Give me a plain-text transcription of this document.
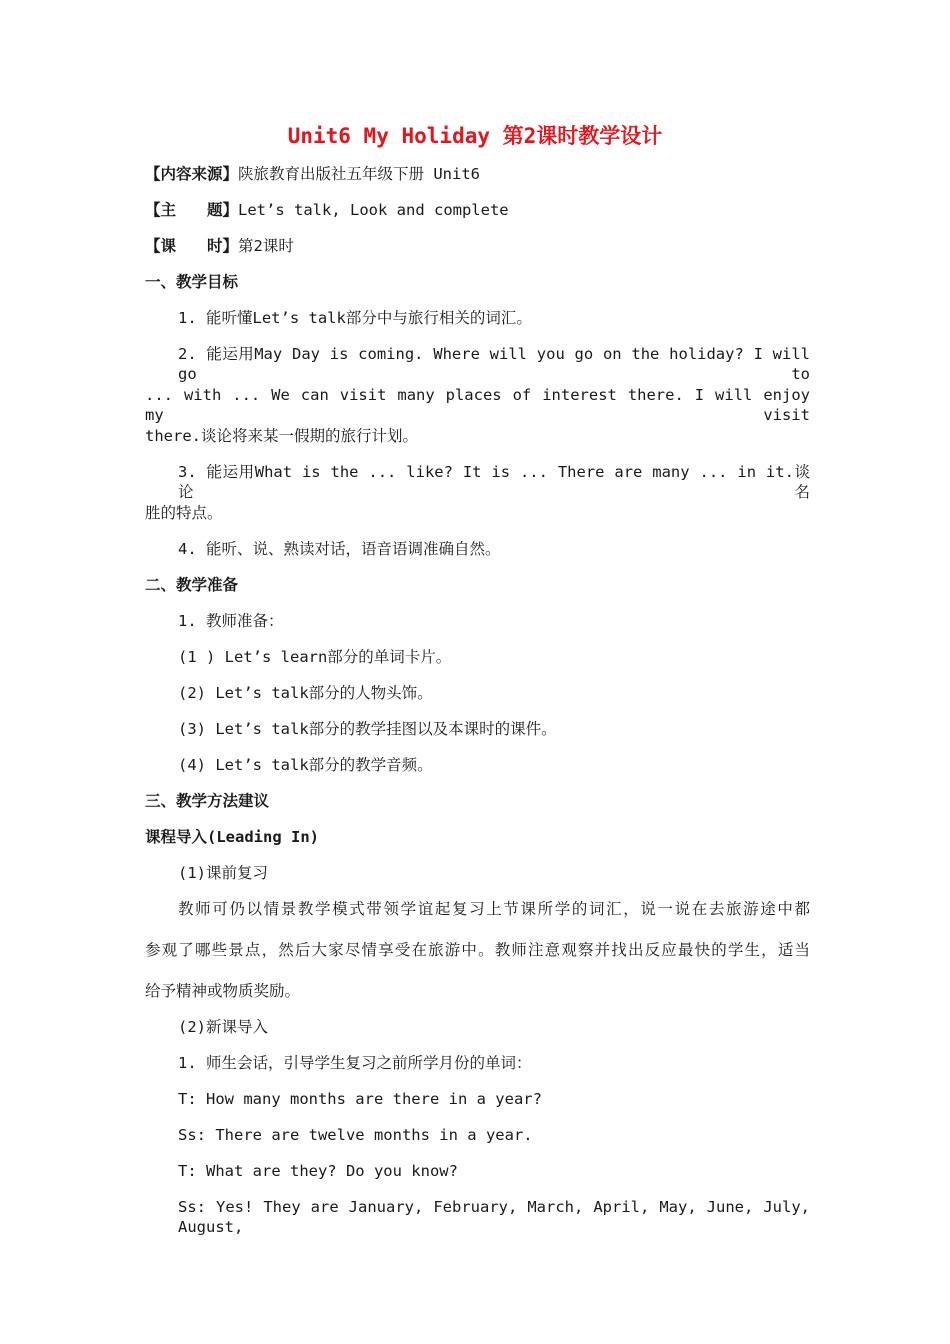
Unit6 My Holiday 第2课时教学设计
【内容来源】陕旅教育出版社五年级下册 Unit6
【主　　题】Let’s talk, Look and complete
【课　　时】第2课时
一、教学目标
1. 能听懂Let’s talk部分中与旅行相关的词汇。
2. 能运用May Day is coming. Where will you go on the holiday? I will go to
... with ... We can visit many places of interest there. I will enjoy my visit
there.谈论将来某一假期的旅行计划。
3. 能运用What is the ... like? It is ... There are many ... in it.谈论名
胜的特点。
4. 能听、说、熟读对话，语音语调准确自然。
二、教学准备
1. 教师准备：
(1 ) Let’s learn部分的单词卡片。
(2) Let’s talk部分的人物头饰。
(3) Let’s talk部分的教学挂图以及本课时的课件。
(4) Let’s talk部分的教学音频。
三、教学方法建议
课程导入(Leading In)
(1)课前复习
教师可仍以情景教学模式带领学谊起复习上节课所学的词汇，说一说在去旅游途中都
参观了哪些景点，然后大家尽情享受在旅游中。教师注意观察并找出反应最快的学生，适当
给予精神或物质奖励。
(2)新课导入
1. 师生会话，引导学生复习之前所学月份的单词：
T: How many months are there in a year?
Ss: There are twelve months in a year.
T: What are they? Do you know?
Ss: Yes! They are January, February, March, April, May, June, July, August,
